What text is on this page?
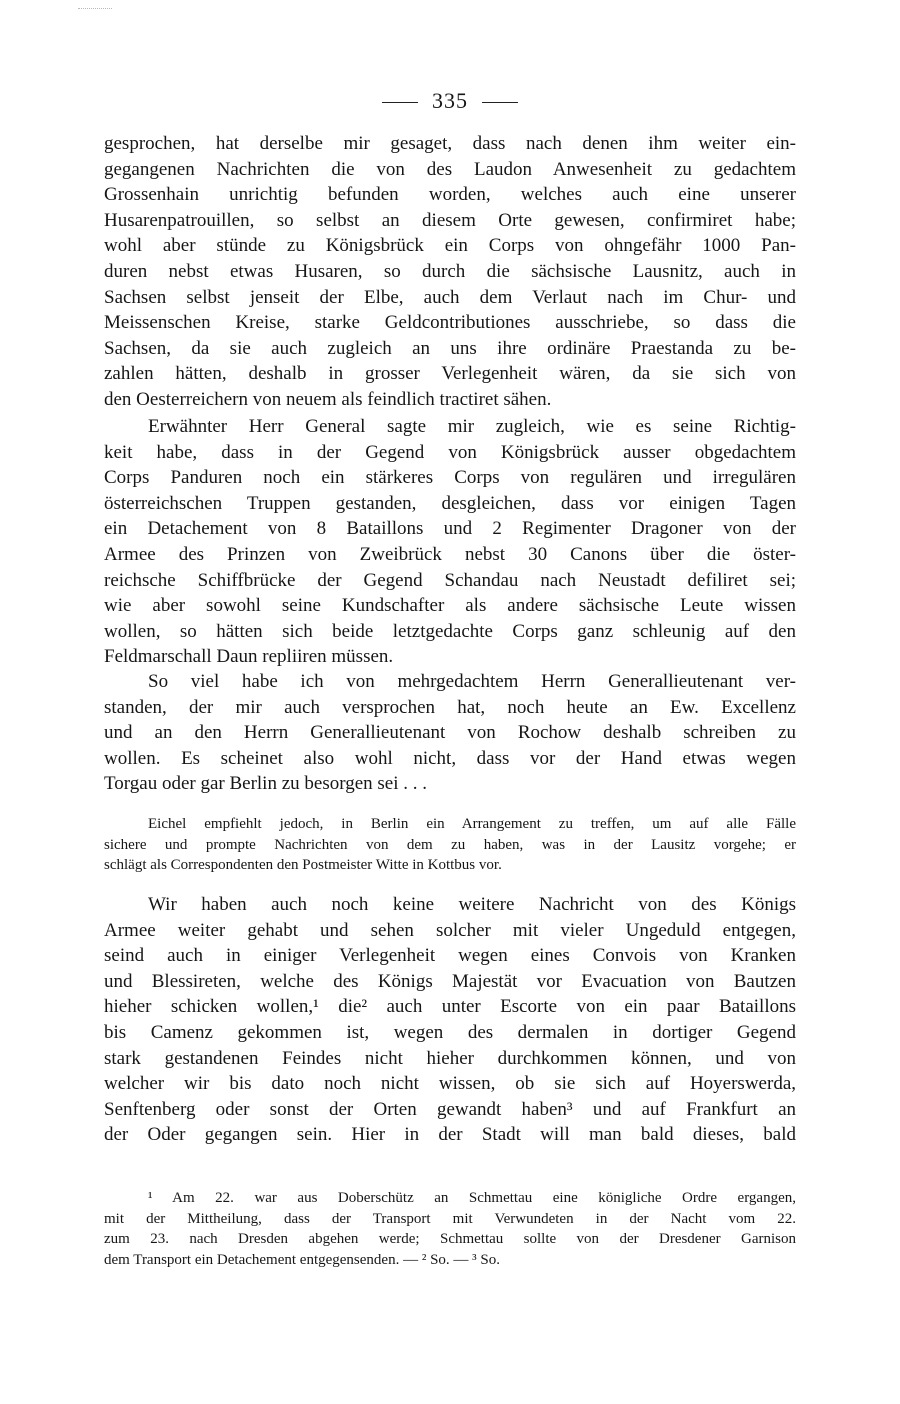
335
gesprochen, hat derselbe mir gesaget, dass nach denen ihm weiter ein-
gegangenen Nachrichten die von des Laudon Anwesenheit zu gedachtem
Grossenhain unrichtig befunden worden, welches auch eine unserer
Husarenpatrouillen, so selbst an diesem Orte gewesen, confirmiret habe;
wohl aber stünde zu Königsbrück ein Corps von ohngefähr 1000 Pan-
duren nebst etwas Husaren, so durch die sächsische Lausnitz, auch in
Sachsen selbst jenseit der Elbe, auch dem Verlaut nach im Chur- und
Meissenschen Kreise, starke Geldcontributiones ausschriebe, so dass die
Sachsen, da sie auch zugleich an uns ihre ordinäre Praestanda zu be-
zahlen hätten, deshalb in grosser Verlegenheit wären, da sie sich von
den Oesterreichern von neuem als feindlich tractiret sähen.
Erwähnter Herr General sagte mir zugleich, wie es seine Richtig-
keit habe, dass in der Gegend von Königsbrück ausser obgedachtem
Corps Panduren noch ein stärkeres Corps von regulären und irregulären
österreichschen Truppen gestanden, desgleichen, dass vor einigen Tagen
ein Detachement von 8 Bataillons und 2 Regimenter Dragoner von der
Armee des Prinzen von Zweibrück nebst 30 Canons über die öster-
reichsche Schiffbrücke der Gegend Schandau nach Neustadt defiliret sei;
wie aber sowohl seine Kundschafter als andere sächsische Leute wissen
wollen, so hätten sich beide letztgedachte Corps ganz schleunig auf den
Feldmarschall Daun repliiren müssen.
So viel habe ich von mehrgedachtem Herrn Generallieutenant ver-
standen, der mir auch versprochen hat, noch heute an Ew. Excellenz
und an den Herrn Generallieutenant von Rochow deshalb schreiben zu
wollen. Es scheinet also wohl nicht, dass vor der Hand etwas wegen
Torgau oder gar Berlin zu besorgen sei . . .
Eichel empfiehlt jedoch, in Berlin ein Arrangement zu treffen, um auf alle Fälle
sichere und prompte Nachrichten von dem zu haben, was in der Lausitz vorgehe; er
schlägt als Correspondenten den Postmeister Witte in Kottbus vor.
Wir haben auch noch keine weitere Nachricht von des Königs
Armee weiter gehabt und sehen solcher mit vieler Ungeduld entgegen,
seind auch in einiger Verlegenheit wegen eines Convois von Kranken
und Blessireten, welche des Königs Majestät vor Evacuation von Bautzen
hieher schicken wollen,¹ die² auch unter Escorte von ein paar Bataillons
bis Camenz gekommen ist, wegen des dermalen in dortiger Gegend
stark gestandenen Feindes nicht hieher durchkommen können, und von
welcher wir bis dato noch nicht wissen, ob sie sich auf Hoyerswerda,
Senftenberg oder sonst der Orten gewandt haben³ und auf Frankfurt an
der Oder gegangen sein. Hier in der Stadt will man bald dieses, bald
¹ Am 22. war aus Doberschütz an Schmettau eine königliche Ordre ergangen,
mit der Mittheilung, dass der Transport mit Verwundeten in der Nacht vom 22.
zum 23. nach Dresden abgehen werde; Schmettau sollte von der Dresdener Garnison
dem Transport ein Detachement entgegensenden. — ² So. — ³ So.
